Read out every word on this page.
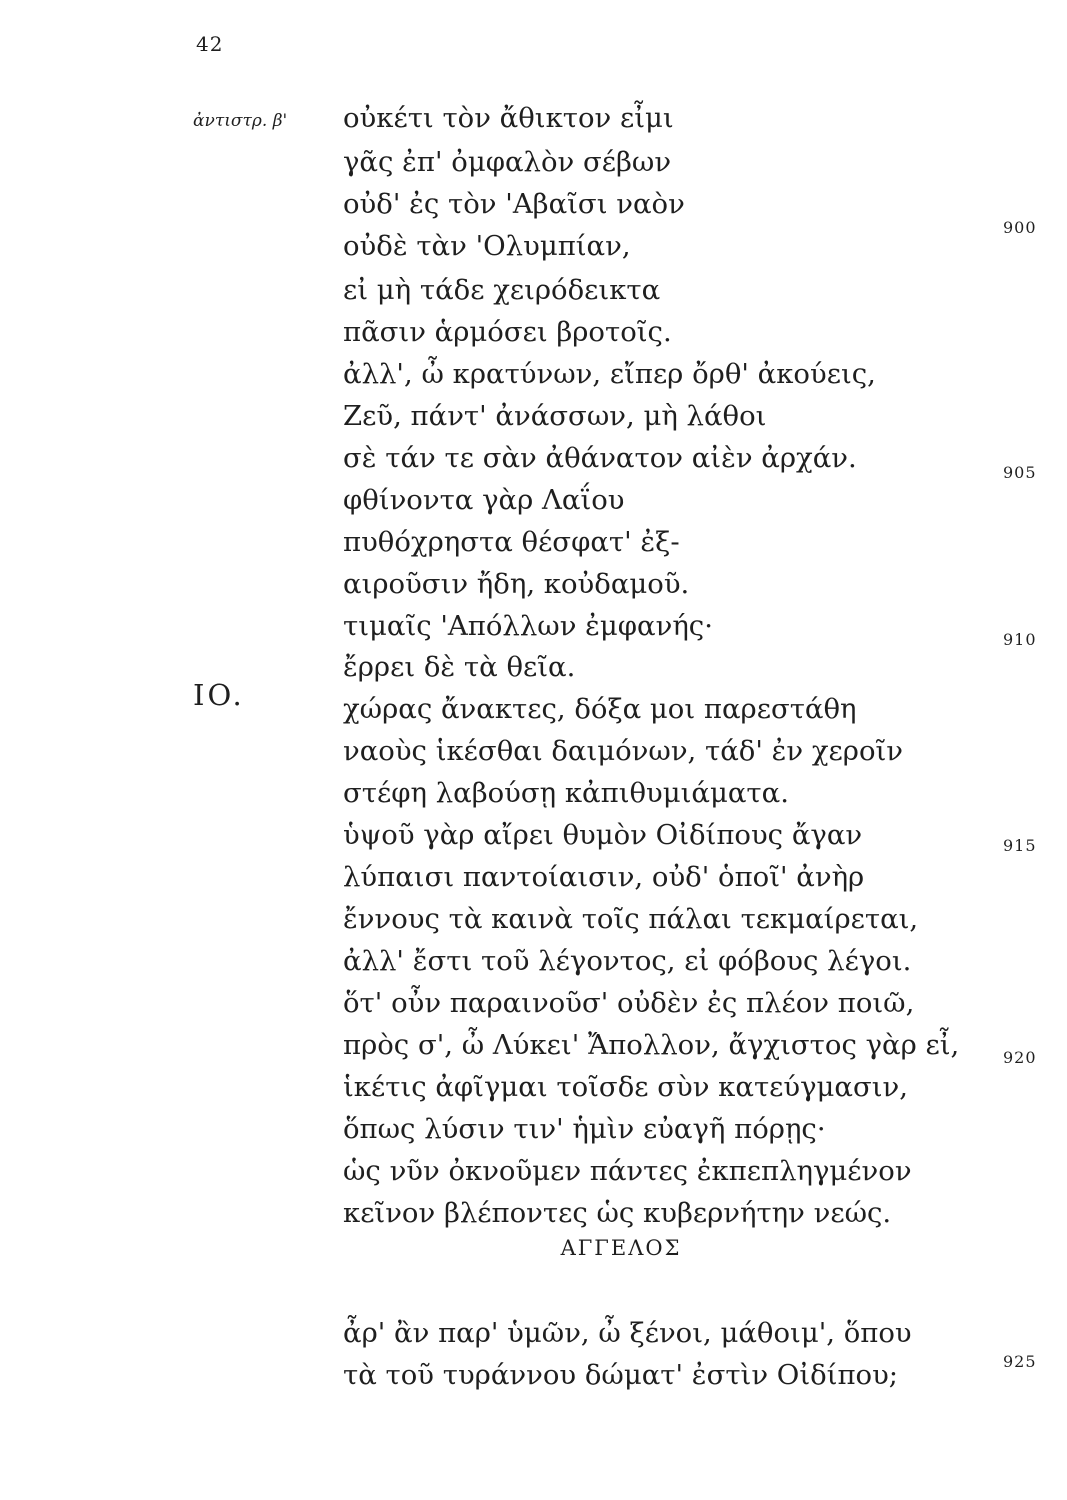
42
ἀντιστρ. β'
IO.
οὐκέτι τὸν ἄθικτον εἶμι
γᾶς ἐπ' ὀμφαλὸν σέβων
οὐδ' ἐς τὸν 'Αβαῖσι ναὸν
οὐδὲ τὰν 'Ολυμπίαν,
εἰ μὴ τάδε χειρόδεικτα
πᾶσιν ἁρμόσει βροτοῖς.
ἀλλ', ὦ κρατύνων, εἴπερ ὄρθ' ἀκούεις,
Ζεῦ, πάντ' ἀνάσσων, μὴ λάθοι
σὲ τάν τε σὰν ἀθάνατον αἰὲν ἀρχάν.
φθίνοντα γὰρ Λαΐου
πυθόχρηστα θέσφατ' ἐξ-
αιροῦσιν ἤδη, κοὐδαμοῦ.
τιμαῖς 'Απόλλων ἐμφανής·
ἔρρει δὲ τὰ θεῖα.
χώρας ἄνακτες, δόξα μοι παρεστάθη
ναοὺς ἱκέσθαι δαιμόνων, τάδ' ἐν χεροῖν
στέφη λαβούσῃ κἀπιθυμιάματα.
ὑψοῦ γὰρ αἴρει θυμὸν Οἰδίπους ἄγαν
λύπαισι παντοίαισιν, οὐδ' ὁποῖ' ἀνὴρ
ἔννους τὰ καινὰ τοῖς πάλαι τεκμαίρεται,
ἀλλ' ἔστι τοῦ λέγοντος, εἰ φόβους λέγοι.
ὅτ' οὖν παραινοῦσ' οὐδὲν ἐς πλέον ποιῶ,
πρὸς σ', ὦ Λύκει' Ἄπολλον, ἄγχιστος γὰρ εἶ,
ἱκέτις ἀφῖγμαι τοῖσδε σὺν κατεύγμασιν,
ὅπως λύσιν τιν' ἡμὶν εὐαγῆ πόρῃς·
ὡς νῦν ὀκνοῦμεν πάντες ἐκπεπληγμένον
κεῖνον βλέποντες ὡς κυβερνήτην νεώς.
ἆρ' ἂν παρ' ὑμῶν, ὦ ξένοι, μάθοιμ', ὅπου
τὰ τοῦ τυράννου δώματ' ἐστὶν Οἰδίπου;
900
905
910
915
920
925
ΑΓΓΕΛΟΣ
